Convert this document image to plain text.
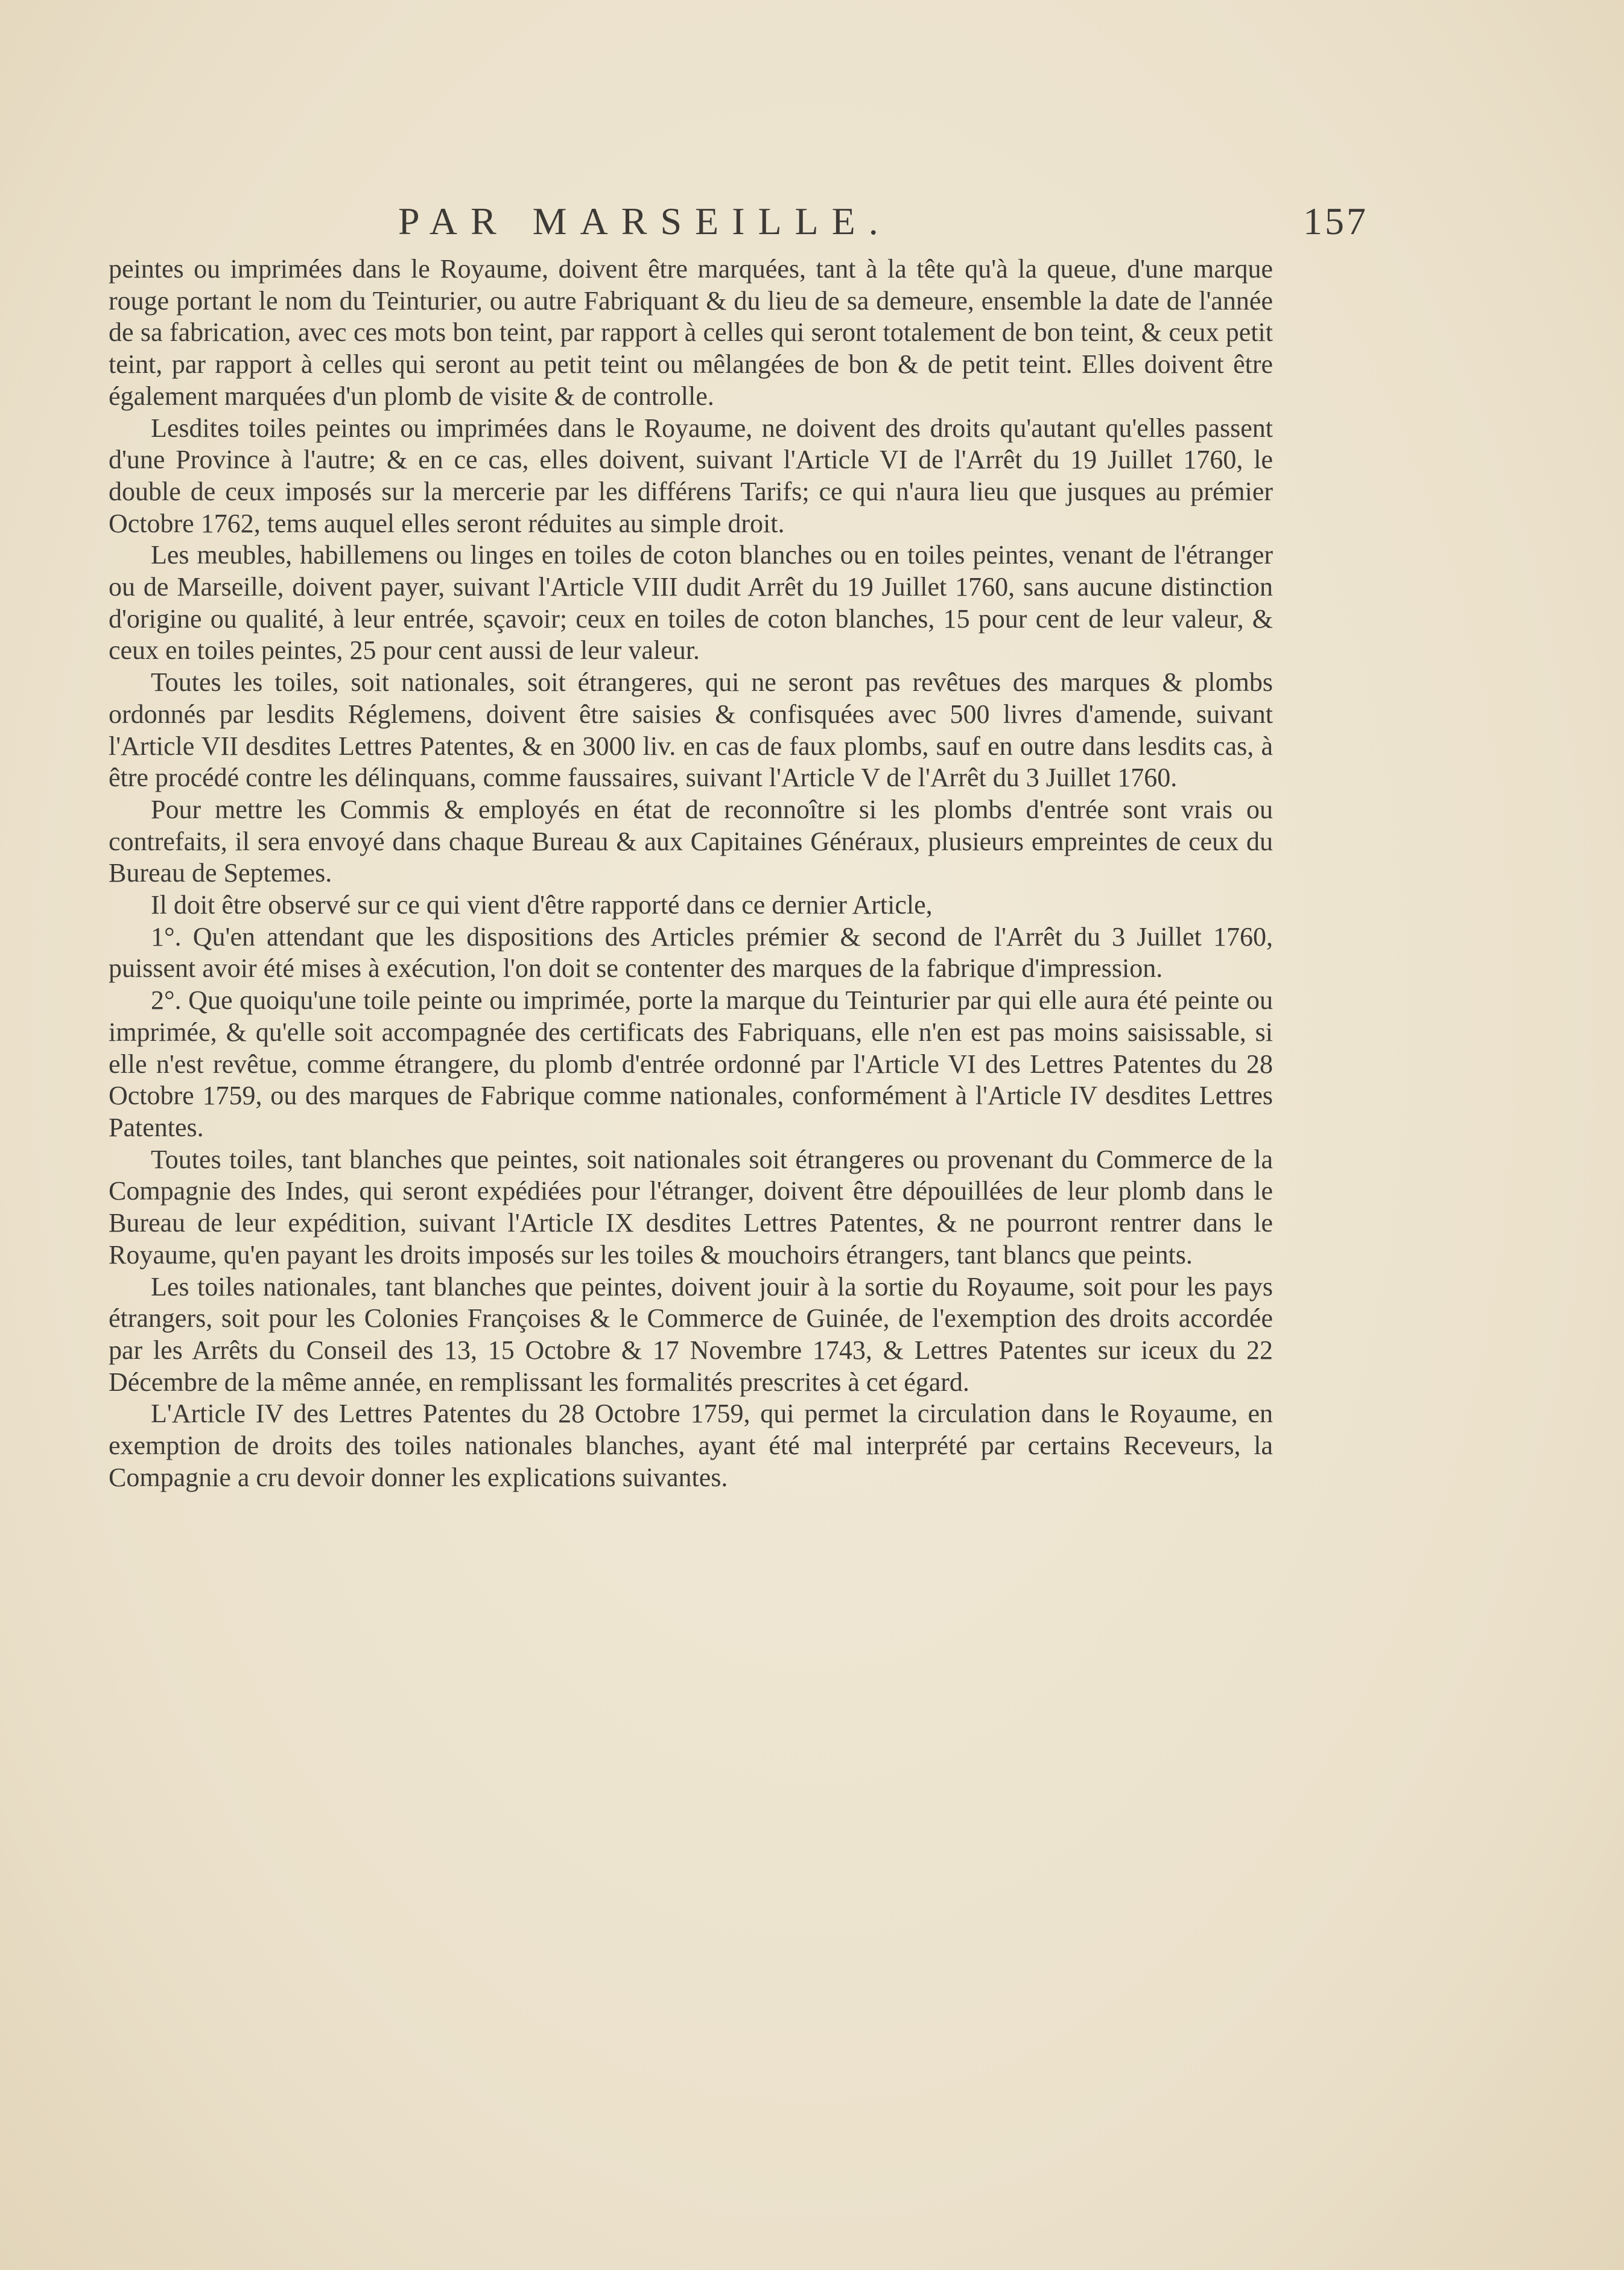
PAR MARSEILLE.	157

peintes ou imprimées dans le Royaume, doivent être marquées, tant à la tête qu'à la queue, d'une marque rouge portant le nom du Teinturier, ou autre Fabriquant & du lieu de sa demeure, ensemble la date de l'année de sa fabrication, avec ces mots bon teint, par rapport à celles qui seront totalement de bon teint, & ceux petit teint, par rapport à celles qui seront au petit teint ou mêlangées de bon & de petit teint. Elles doivent être également marquées d'un plomb de visite & de controlle.

Lesdites toiles peintes ou imprimées dans le Royaume, ne doivent des droits qu'autant qu'elles passent d'une Province à l'autre; & en ce cas, elles doivent, suivant l'Article VI de l'Arrêt du 19 Juillet 1760, le double de ceux imposés sur la mercerie par les différens Tarifs; ce qui n'aura lieu que jusques au prémier Octobre 1762, tems auquel elles seront réduites au simple droit.

Les meubles, habillemens ou linges en toiles de coton blanches ou en toiles peintes, venant de l'étranger ou de Marseille, doivent payer, suivant l'Article VIII dudit Arrêt du 19 Juillet 1760, sans aucune distinction d'origine ou qualité, à leur entrée, sçavoir; ceux en toiles de coton blanches, 15 pour cent de leur valeur, & ceux en toiles peintes, 25 pour cent aussi de leur valeur.

Toutes les toiles, soit nationales, soit étrangeres, qui ne seront pas revêtues des marques & plombs ordonnés par lesdits Réglemens, doivent être saisies & confisquées avec 500 livres d'amende, suivant l'Article VII desdites Lettres Patentes, & en 3000 liv. en cas de faux plombs, sauf en outre dans lesdits cas, à être procédé contre les délinquans, comme faussaires, suivant l'Article V de l'Arrêt du 3 Juillet 1760.

Pour mettre les Commis & employés en état de reconnoître si les plombs d'entrée sont vrais ou contrefaits, il sera envoyé dans chaque Bureau & aux Capitaines Généraux, plusieurs empreintes de ceux du Bureau de Septemes.

Il doit être observé sur ce qui vient d'être rapporté dans ce dernier Article,

1°. Qu'en attendant que les dispositions des Articles prémier & second de l'Arrêt du 3 Juillet 1760, puissent avoir été mises à exécution, l'on doit se contenter des marques de la fabrique d'impression.

2°. Que quoiqu'une toile peinte ou imprimée, porte la marque du Teinturier par qui elle aura été peinte ou imprimée, & qu'elle soit accompagnée des certificats des Fabriquans, elle n'en est pas moins saisissable, si elle n'est revêtue, comme étrangere, du plomb d'entrée ordonné par l'Article VI des Lettres Patentes du 28 Octobre 1759, ou des marques de Fabrique comme nationales, conformément à l'Article IV desdites Lettres Patentes.

Toutes toiles, tant blanches que peintes, soit nationales soit étrangeres ou provenant du Commerce de la Compagnie des Indes, qui seront expédiées pour l'étranger, doivent être dépouillées de leur plomb dans le Bureau de leur expédition, suivant l'Article IX desdites Lettres Patentes, & ne pourront rentrer dans le Royaume, qu'en payant les droits imposés sur les toiles & mouchoirs étrangers, tant blancs que peints.

Les toiles nationales, tant blanches que peintes, doivent jouir à la sortie du Royaume, soit pour les pays étrangers, soit pour les Colonies Françoises & le Commerce de Guinée, de l'exemption des droits accordée par les Arrêts du Conseil des 13, 15 Octobre & 17 Novembre 1743, & Lettres Patentes sur iceux du 22 Décembre de la même année, en remplissant les formalités prescrites à cet égard.

L'Article IV des Lettres Patentes du 28 Octobre 1759, qui permet la circulation dans le Royaume, en exemption de droits des toiles nationales blanches, ayant été mal interprété par certains Receveurs, la Compagnie a cru devoir donner les explications suivantes.
